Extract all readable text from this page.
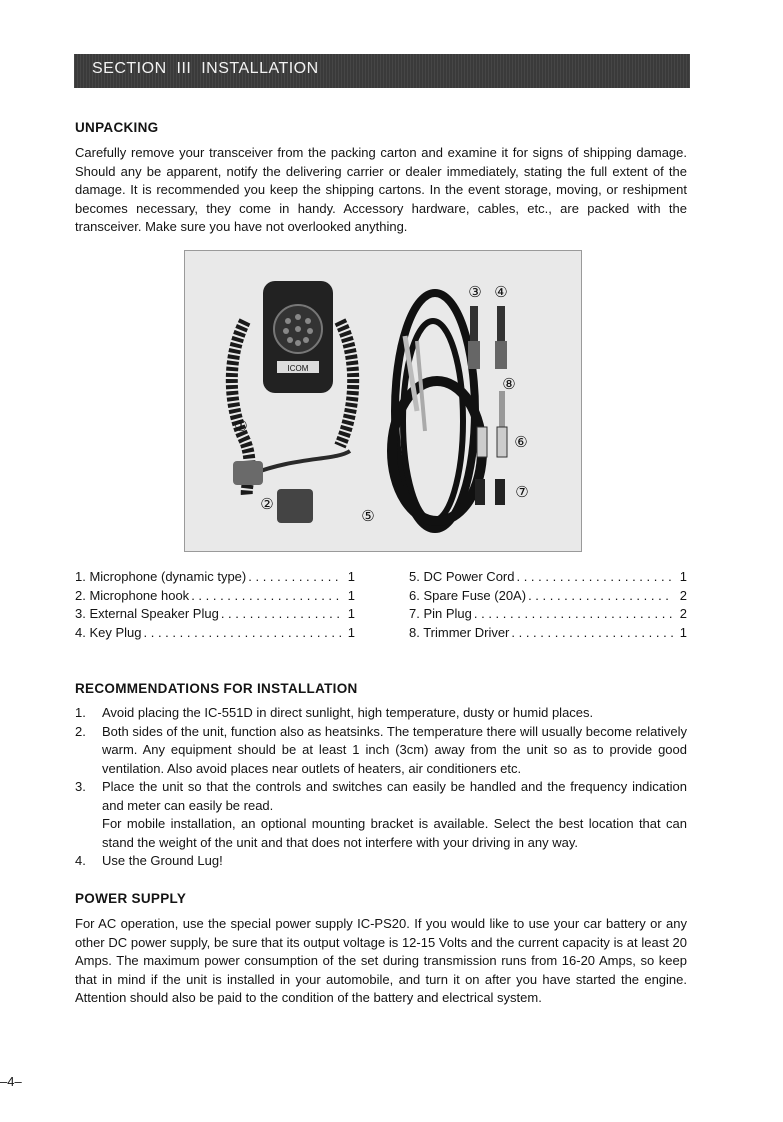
SECTION  III  INSTALLATION
UNPACKING

Carefully remove your transceiver from the packing carton and examine it for signs of shipping damage. Should any be apparent, notify the delivering carrier or dealer immediately, stating the full extent of the damage. It is recommended you keep the shipping cartons. In the event storage, moving, or reshipment becomes necessary, they come in handy. Accessory hardware, cables, etc., are packed with the transceiver. Make sure you have not overlooked anything.

ICOM
①
②
③ ④
⑤
⑥
⑦
⑧
1. Microphone (dynamic type) . . .	1
2. Microphone hook . . .	1
3. External Speaker Plug . . .	1
4. Key Plug . . .	1
5. DC Power Cord . . .	1
6. Spare Fuse (20A) . . .	2
7. Pin Plug . . .	2
8. Trimmer Driver . . .	1
RECOMMENDATIONS FOR INSTALLATION
1. Avoid placing the IC-551D in direct sunlight, high temperature, dusty or humid places.

2. Both sides of the unit, function also as heatsinks. The temperature there will usually become relatively warm. Any equipment should be at least 1 inch (3cm) away from the unit so as to provide good ventilation. Also avoid places near outlets of heaters, air conditioners etc.

3. Place the unit so that the controls and switches can easily be handled and the frequency indication and meter can easily be read.

For mobile installation, an optional mounting bracket is available. Select the best location that can stand the weight of the unit and that does not interfere with your driving in any way.

4. Use the Ground Lug!

POWER SUPPLY

For AC operation, use the special power supply IC-PS20. If you would like to use your car battery or any other DC power supply, be sure that its output voltage is 12-15 Volts and the current capacity is at least 20 Amps. The maximum power consumption of the set during transmission runs from 16-20 Amps, so keep that in mind if the unit is installed in your automobile, and turn it on after you have started the engine. Attention should also be paid to the condition of the battery and electrical system.

–4–
